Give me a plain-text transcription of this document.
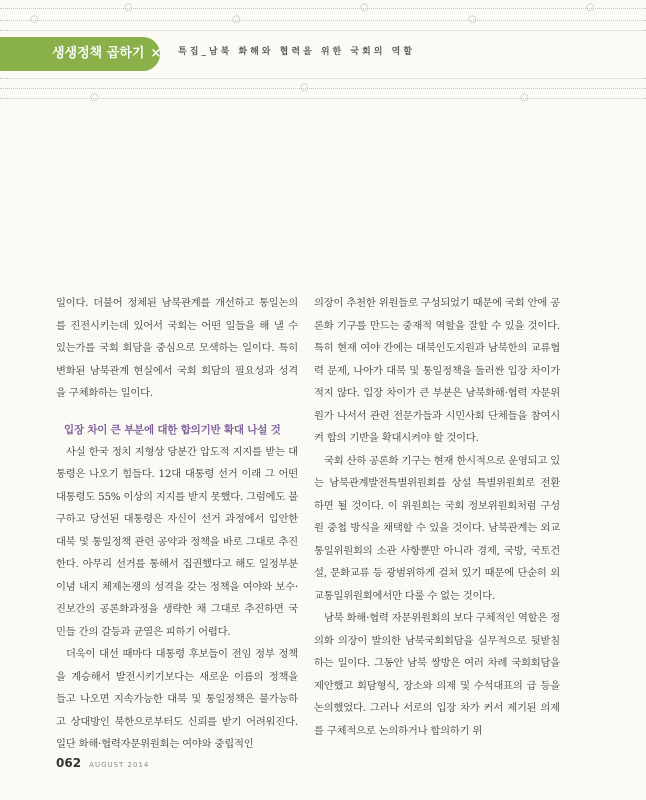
○
○
○
○
○
○
○
○
○
생생정책 곱하기 × 특집_남북 화해와 협력을 위한 국회의 역할

일이다. 더불어 정체된 남북관계를 개선하고 통일논의를 진전시키는데 있어서 국회는 어떤 일들을 해 낼 수 있는가를 국회 회담을 중심으로 모색하는 일이다. 특히 변화된 남북관계 현실에서 국회 회담의 필요성과 성격을 구체화하는 일이다.

입장 차이 큰 부분에 대한 합의기반 확대 나설 것

사실 한국 정치 지형상 당분간 압도적 지지를 받는 대통령은 나오기 힘들다. 12대 대통령 선거 이래 그 어떤 대통령도 55% 이상의 지지를 받지 못했다. 그럼에도 불구하고 당선된 대통령은 자신이 선거 과정에서 입안한 대북 및 통일정책 관련 공약과 정책을 바로 그대로 추진한다. 아무리 선거를 통해서 집권했다고 해도 일정부분 이념 내지 체제논쟁의 성격을 갖는 정책을 여야와 보수·진보간의 공론화과정을 생략한 채 그대로 추진하면 국민들 간의 갈등과 균열은 피하기 어렵다.

더욱이 대선 때마다 대통령 후보들이 전임 정부 정책을 계승해서 발전시키기보다는 새로운 이름의 정책을 들고 나오면 지속가능한 대북 및 통일정책은 불가능하고 상대방인 북한으로부터도 신뢰를 받기 어려워진다. 일단 화해·협력자문위원회는 여야와 중립적인

의장이 추천한 위원들로 구성되었기 때문에 국회 안에 공론화 기구를 만드는 중재적 역할을 잘할 수 있을 것이다. 특히 현재 여야 간에는 대북인도지원과 남북한의 교류협력 문제, 나아가 대북 및 통일정책을 둘러싼 입장 차이가 적지 않다. 입장 차이가 큰 부분은 남북화해·협력 자문위원가 나서서 관련 전문가들과 시민사회 단체들을 참여시켜 합의 기반을 확대시켜야 할 것이다.

국회 산하 공론화 기구는 현재 한시적으로 운영되고 있는 남북관계발전특별위원회를 상설 특별위원회로 전환하면 될 것이다. 이 위원회는 국회 정보위원회처럼 구성원 중첩 방식을 채택할 수 있을 것이다. 남북관계는 외교통일위원회의 소관 사항뿐만 아니라 경제, 국방, 국토건설, 문화교류 등 광범위하게 걸쳐 있기 때문에 단순히 외교통일위원회에서만 다룰 수 없는 것이다.

남북 화해·협력 자문위원회의 보다 구체적인 역할은 정의화 의장이 발의한 남북국회회담을 실무적으로 뒷받침하는 일이다. 그동안 남북 쌍방은 여러 차례 국회회담을 제안했고 회담형식, 장소와 의제 및 수석대표의 급 등을 논의했었다. 그러나 서로의 입장 차가 커서 제기된 의제를 구체적으로 논의하거나 합의하기 위

062 AUGUST 2014
